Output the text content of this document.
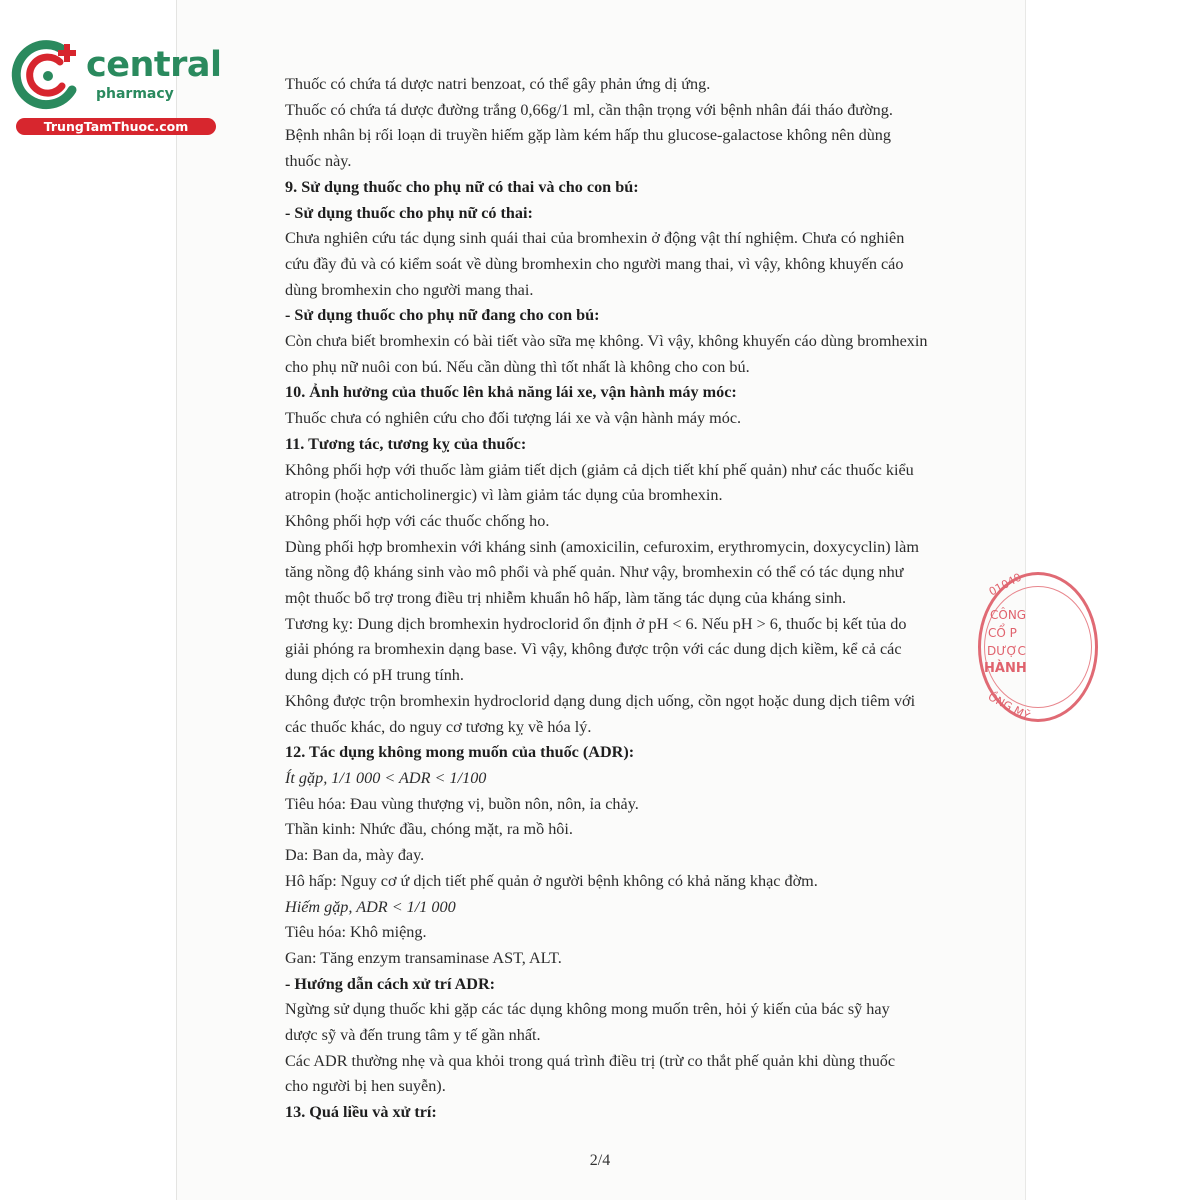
central
pharmacy
TrungTamThuoc.com

Thuốc có chứa tá dược natri benzoat, có thể gây phản ứng dị ứng.

Thuốc có chứa tá dược đường trắng 0,66g/1 ml, cần thận trọng với bệnh nhân đái tháo đường.

Bệnh nhân bị rối loạn di truyền hiếm gặp làm kém hấp thu glucose-galactose không nên dùng

thuốc này.

9. Sử dụng thuốc cho phụ nữ có thai và cho con bú:

- Sử dụng thuốc cho phụ nữ có thai:

Chưa nghiên cứu tác dụng sinh quái thai của bromhexin ở động vật thí nghiệm. Chưa có nghiên

cứu đầy đủ và có kiểm soát về dùng bromhexin cho người mang thai, vì vậy, không khuyến cáo

dùng bromhexin cho người mang thai.

- Sử dụng thuốc cho phụ nữ đang cho con bú:

Còn chưa biết bromhexin có bài tiết vào sữa mẹ không. Vì vậy, không khuyến cáo dùng bromhexin

cho phụ nữ nuôi con bú. Nếu cần dùng thì tốt nhất là không cho con bú.

10. Ảnh hưởng của thuốc lên khả năng lái xe, vận hành máy móc:

Thuốc chưa có nghiên cứu cho đối tượng lái xe và vận hành máy móc.

11. Tương tác, tương kỵ của thuốc:

Không phối hợp với thuốc làm giảm tiết dịch (giảm cả dịch tiết khí phế quản) như các thuốc kiểu

atropin (hoặc anticholinergic) vì làm giảm tác dụng của bromhexin.

Không phối hợp với các thuốc chống ho.

Dùng phối hợp bromhexin với kháng sinh (amoxicilin, cefuroxim, erythromycin, doxycyclin) làm

tăng nồng độ kháng sinh vào mô phổi và phế quản. Như vậy, bromhexin có thể có tác dụng như

một thuốc bổ trợ trong điều trị nhiễm khuẩn hô hấp, làm tăng tác dụng của kháng sinh.

Tương kỵ: Dung dịch bromhexin hydroclorid ổn định ở pH < 6. Nếu pH > 6, thuốc bị kết tủa do

giải phóng ra bromhexin dạng base. Vì vậy, không được trộn với các dung dịch kiềm, kể cả các

dung dịch có pH trung tính.

Không được trộn bromhexin hydroclorid dạng dung dịch uống, cồn ngọt hoặc dung dịch tiêm với

các thuốc khác, do nguy cơ tương kỵ về hóa lý.

12. Tác dụng không mong muốn của thuốc (ADR):

Ít gặp, 1/1 000 < ADR < 1/100

Tiêu hóa: Đau vùng thượng vị, buồn nôn, nôn, ỉa chảy.

Thần kinh: Nhức đầu, chóng mặt, ra mồ hôi.

Da: Ban da, mày đay.

Hô hấp: Nguy cơ ứ dịch tiết phế quản ở người bệnh không có khả năng khạc đờm.

Hiếm gặp, ADR < 1/1 000

Tiêu hóa: Khô miệng.

Gan: Tăng enzym transaminase AST, ALT.

- Hướng dẫn cách xử trí ADR:

Ngừng sử dụng thuốc khi gặp các tác dụng không mong muốn trên, hỏi ý kiến của bác sỹ hay

dược sỹ và đến trung tâm y tế gần nhất.

Các ADR thường nhẹ và qua khỏi trong quá trình điều trị (trừ co thắt phế quản khi dùng thuốc

cho người bị hen suyễn).

13. Quá liều và xử trí:

01040
CÔNG
CỔ P
DƯỢC
HÀNH
ỒNG MỸ
2/4
